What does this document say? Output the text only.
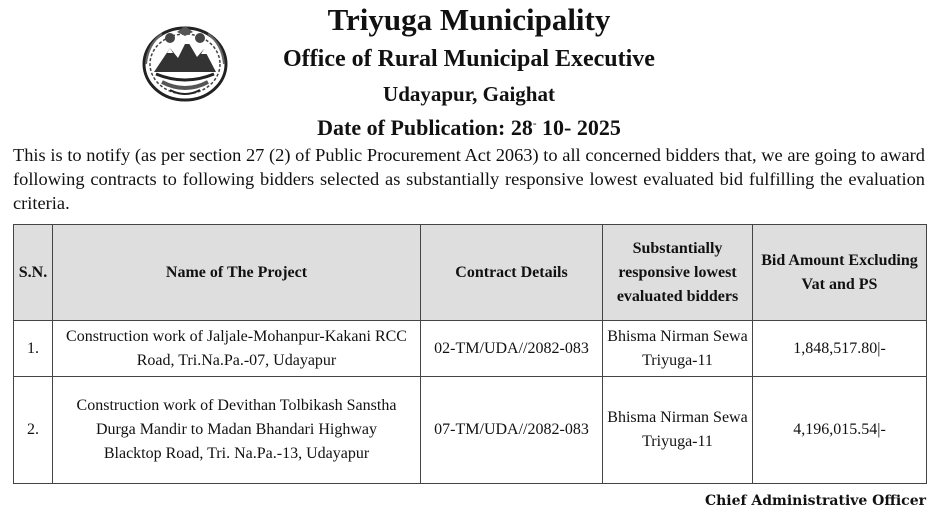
Triyuga Municipality
Office of Rural Municipal Executive
Udayapur, Gaighat
Date of Publication: 28- 10- 2025

This is to notify (as per section 27 (2) of Public Procurement Act 2063) to all concerned bidders that, we are going to award following contracts to following bidders selected as substantially responsive lowest evaluated bid fulfilling the evaluation criteria.

S.N.	Name of The Project	Contract Details	Substantially responsive lowest evaluated bidders	Bid Amount Excluding Vat and PS
1.	Construction work of Jaljale-Mohanpur-Kakani RCC Road, Tri.Na.Pa.-07, Udayapur	02-TM/UDA//2082-083	Bhisma Nirman Sewa Triyuga-11	1,848,517.80|-
2.	Construction work of Devithan Tolbikash Sanstha Durga Mandir to Madan Bhandari Highway Blacktop Road, Tri. Na.Pa.-13, Udayapur	07-TM/UDA//2082-083	Bhisma Nirman Sewa Triyuga-11	4,196,015.54|-
Chief Administrative Officer
